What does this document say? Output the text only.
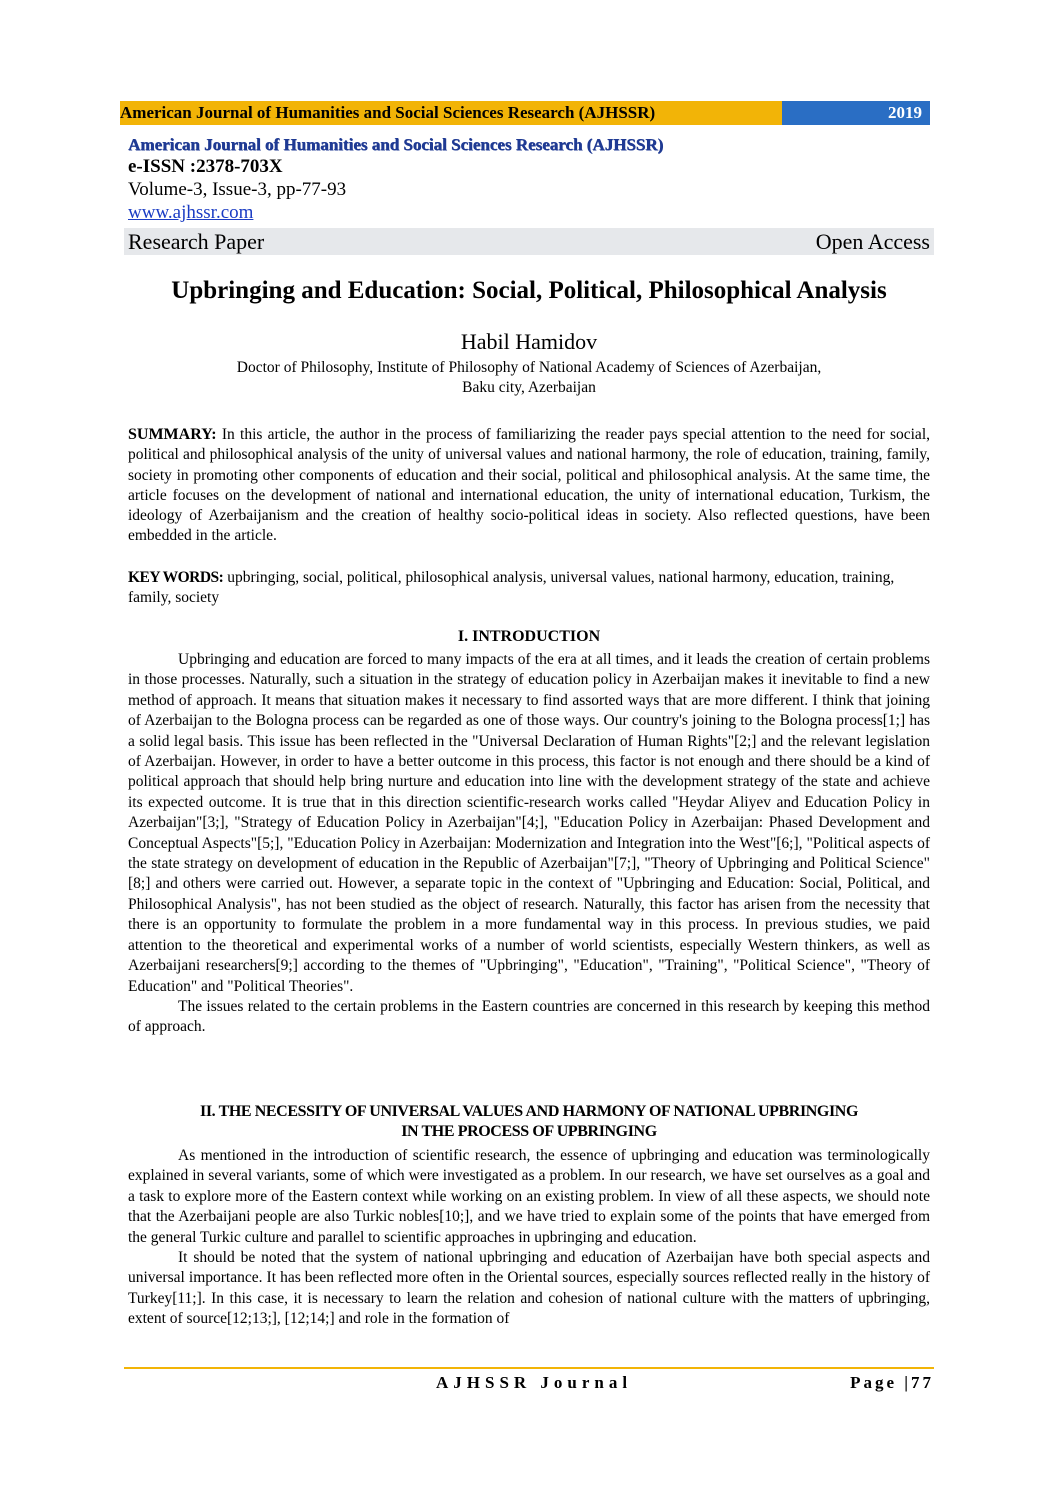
American Journal of Humanities and Social Sciences Research (AJHSSR)	2019
American Journal of Humanities and Social Sciences Research (AJHSSR)
e-ISSN :2378-703X
Volume-3, Issue-3, pp-77-93
www.ajhssr.com
Research Paper	Open Access
Upbringing and Education: Social, Political, Philosophical Analysis
Habil Hamidov
Doctor of Philosophy, Institute of Philosophy of National Academy of Sciences of Azerbaijan,
Baku city, Azerbaijan
SUMMARY: In this article, the author in the process of familiarizing the reader pays special attention to the need for social, political and philosophical analysis of the unity of universal values and national harmony, the role of education, training, family, society in promoting other components of education and their social, political and philosophical analysis. At the same time, the article focuses on the development of national and international education, the unity of international education, Turkism, the ideology of Azerbaijanism and the creation of healthy socio-political ideas in society. Also reflected questions, have been embedded in the article.
KEY WORDS: upbringing, social, political, philosophical analysis, universal values, national harmony, education, training, family, society
I. INTRODUCTION

Upbringing and education are forced to many impacts of the era at all times, and it leads the creation of certain problems in those processes. Naturally, such a situation in the strategy of education policy in Azerbaijan makes it inevitable to find a new method of approach. It means that situation makes it necessary to find assorted ways that are more different. I think that joining of Azerbaijan to the Bologna process can be regarded as one of those ways. Our country's joining to the Bologna process[1;] has a solid legal basis. This issue has been reflected in the "Universal Declaration of Human Rights"[2;] and the relevant legislation of Azerbaijan. However, in order to have a better outcome in this process, this factor is not enough and there should be a kind of political approach that should help bring nurture and education into line with the development strategy of the state and achieve its expected outcome. It is true that in this direction scientific-research works called "Heydar Aliyev and Education Policy in Azerbaijan"[3;], "Strategy of Education Policy in Azerbaijan"[4;], "Education Policy in Azerbaijan: Phased Development and Conceptual Aspects"[5;], "Education Policy in Azerbaijan: Modernization and Integration into the West"[6;], "Political aspects of the state strategy on development of education in the Republic of Azerbaijan"[7;], "Theory of Upbringing and Political Science"[8;] and others were carried out. However, a separate topic in the context of "Upbringing and Education: Social, Political, and Philosophical Analysis", has not been studied as the object of research. Naturally, this factor has arisen from the necessity that there is an opportunity to formulate the problem in a more fundamental way in this process. In previous studies, we paid attention to the theoretical and experimental works of a number of world scientists, especially Western thinkers, as well as Azerbaijani researchers[9;] according to the themes of "Upbringing", "Education", "Training", "Political Science", "Theory of Education" and "Political Theories".

The issues related to the certain problems in the Eastern countries are concerned in this research by keeping this method of approach.

II. THE NECESSITY OF UNIVERSAL VALUES AND HARMONY OF NATIONAL UPBRINGING
IN THE PROCESS OF UPBRINGING

As mentioned in the introduction of scientific research, the essence of upbringing and education was terminologically explained in several variants, some of which were investigated as a problem. In our research, we have set ourselves as a goal and a task to explore more of the Eastern context while working on an existing problem. In view of all these aspects, we should note that the Azerbaijani people are also Turkic nobles[10;], and we have tried to explain some of the points that have emerged from the general Turkic culture and parallel to scientific approaches in upbringing and education.

It should be noted that the system of national upbringing and education of Azerbaijan have both special aspects and universal importance. It has been reflected more often in the Oriental sources, especially sources reflected really in the history of Turkey[11;]. In this case, it is necessary to learn the relation and cohesion of national culture with the matters of upbringing, extent of source[12;13;], [12;14;] and role in the formation of

AJHSSR Journal	Page |77
